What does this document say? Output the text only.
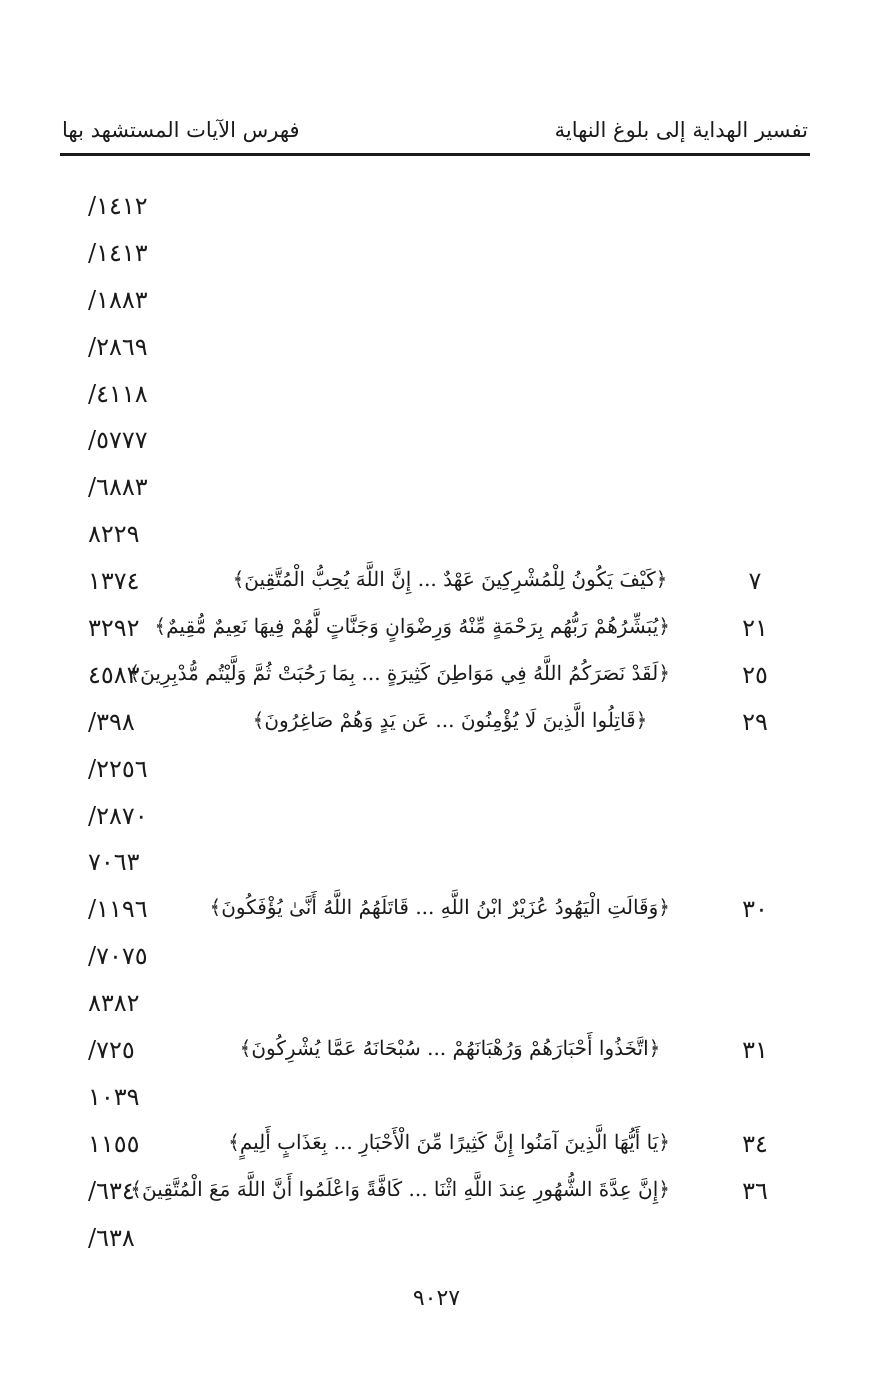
تفسير الهداية إلى بلوغ النهاية
فهرس الآيات المستشهد بها
/١٤١٢
/١٤١٣
/١٨٨٣
/٢٨٦٩
/٤١١٨
/٥٧٧٧
/٦٨٨٣
٨٢٢٩
٧
﴿كَيْفَ يَكُونُ لِلْمُشْرِكِينَ عَهْدٌ ... إِنَّ اللَّهَ يُحِبُّ الْمُتَّقِينَ﴾
١٣٧٤
٢١
﴿يُبَشِّرُهُمْ رَبُّهُم بِرَحْمَةٍ مِّنْهُ وَرِضْوَانٍ وَجَنَّاتٍ لَّهُمْ فِيهَا نَعِيمٌ مُّقِيمٌ﴾
٣٢٩٢
٢٥
﴿لَقَدْ نَصَرَكُمُ اللَّهُ فِي مَوَاطِنَ كَثِيرَةٍ ... بِمَا رَحُبَتْ ثُمَّ وَلَّيْتُم مُّدْبِرِينَ﴾
٤٥٨٣
٢٩
﴿قَاتِلُوا الَّذِينَ لَا يُؤْمِنُونَ ... عَن يَدٍ وَهُمْ صَاغِرُونَ﴾
/٣٩٨
/٢٢٥٦
/٢٨٧٠
٧٠٦٣
٣٠
﴿وَقَالَتِ الْيَهُودُ عُزَيْرٌ ابْنُ اللَّهِ ... قَاتَلَهُمُ اللَّهُ أَنَّىٰ يُؤْفَكُونَ﴾
/١١٩٦
/٧٠٧٥
٨٣٨٢
٣١
﴿اتَّخَذُوا أَحْبَارَهُمْ وَرُهْبَانَهُمْ ... سُبْحَانَهُ عَمَّا يُشْرِكُونَ﴾
/٧٢٥
١٠٣٩
٣٤
﴿يَا أَيُّهَا الَّذِينَ آمَنُوا إِنَّ كَثِيرًا مِّنَ الْأَحْبَارِ ... بِعَذَابٍ أَلِيمٍ﴾
١١٥٥
٣٦
﴿إِنَّ عِدَّةَ الشُّهُورِ عِندَ اللَّهِ اثْنَا ... كَافَّةً وَاعْلَمُوا أَنَّ اللَّهَ مَعَ الْمُتَّقِينَ﴾
/٦٣٤
/٦٣٨
٩٠٢٧
